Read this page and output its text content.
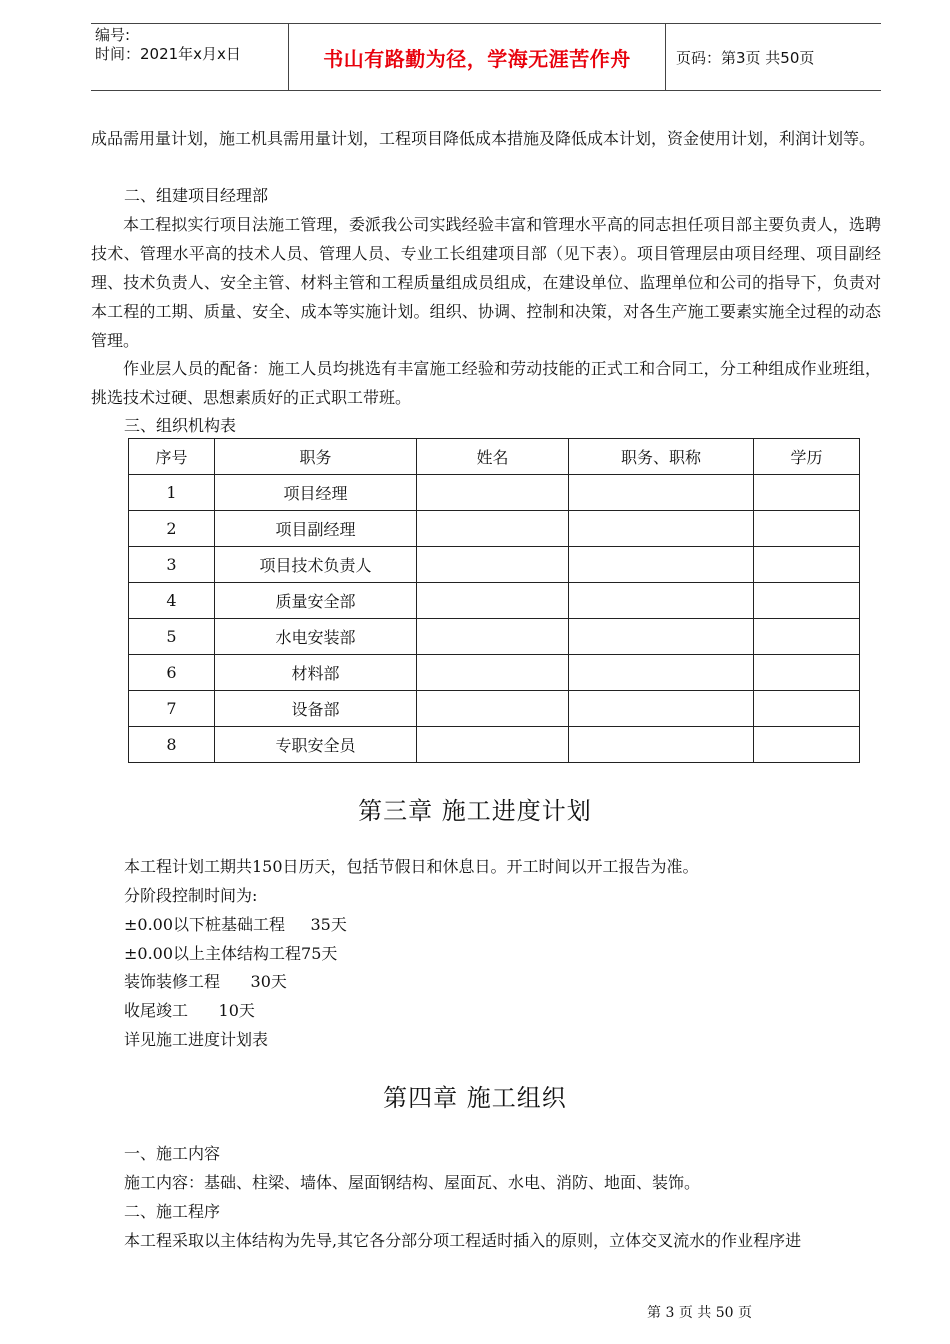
编号:
时间：2021年x月x日	书山有路勤为径，学海无涯苦作舟	页码：第3页 共50页

成品需用量计划，施工机具需用量计划，工程项目降低成本措施及降低成本计划，资金使用计划，利润计划等。

二、组建项目经理部

本工程拟实行项目法施工管理，委派我公司实践经验丰富和管理水平高的同志担任项目部主要负责人，选聘技术、管理水平高的技术人员、管理人员、专业工长组建项目部（见下表）。项目管理层由项目经理、项目副经理、技术负责人、安全主管、材料主管和工程质量组成员组成，在建设单位、监理单位和公司的指导下，负责对本工程的工期、质量、安全、成本等实施计划。组织、协调、控制和决策，对各生产施工要素实施全过程的动态管理。

作业层人员的配备：施工人员均挑选有丰富施工经验和劳动技能的正式工和合同工，分工种组成作业班组，挑选技术过硬、思想素质好的正式职工带班。

三、组织机构表
序号	职务	姓名	职务、职称	学历
1	项目经理			
2	项目副经理			
3	项目技术负责人			
4	质量安全部			
5	水电安装部			
6	材料部			
7	设备部			
8	专职安全员			
第三章 施工进度计划
本工程计划工期共150日历天，包括节假日和休息日。开工时间以开工报告为准。
分阶段控制时间为:
±0.00以下桩基础工程     35天
±0.00以上主体结构工程75天
装饰装修工程      30天
收尾竣工      10天
详见施工进度计划表
第四章 施工组织
一、施工内容
施工内容：基础、柱梁、墙体、屋面钢结构、屋面瓦、水电、消防、地面、装饰。
二、施工程序
本工程采取以主体结构为先导,其它各分部分项工程适时插入的原则，立体交叉流水的作业程序进
第 3 页 共 50 页
